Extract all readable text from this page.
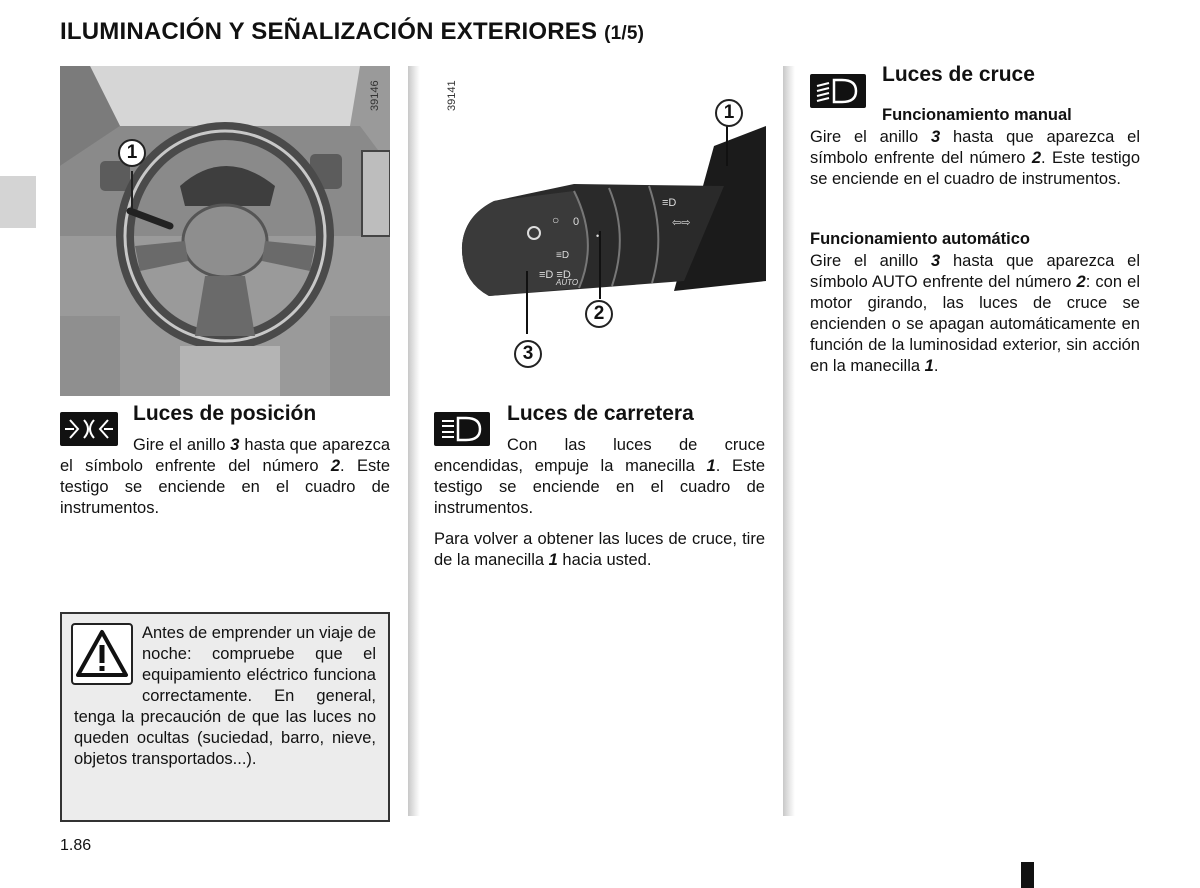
ILUMINACIÓN Y SEÑALIZACIÓN EXTERIORES (1/5)
1
39146
○
≡D
≡D ≡D
•
≡D
⇦⇨
1
2
3
0
AUTO
39141
Luces de posición

Gire el anillo 3 hasta que aparezca el símbolo enfrente del número 2. Este testigo se enciende en el cuadro de instrumentos.

Antes de emprender un viaje de noche: compruebe que el equipamiento eléctrico funciona correctamente. En general, tenga la precaución de que las luces no queden ocultas (suciedad, barro, nieve, objetos transportados...).

Luces de carretera

Con las luces de cruce encendidas, empuje la manecilla 1. Este testigo se enciende en el cuadro de instrumentos.

Para volver a obtener las luces de cruce, tire de la manecilla 1 hacia usted.

Luces de cruce
Funcionamiento manual

Gire el anillo 3 hasta que aparezca el símbolo enfrente del número 2. Este testigo se enciende en el cuadro de instrumentos.

Funcionamiento automático

Gire el anillo 3 hasta que aparezca el símbolo AUTO enfrente del número 2: con el motor girando, las luces de cruce se encienden o se apagan automáticamente en función de la luminosidad exterior, sin acción en la manecilla 1.

1.86
